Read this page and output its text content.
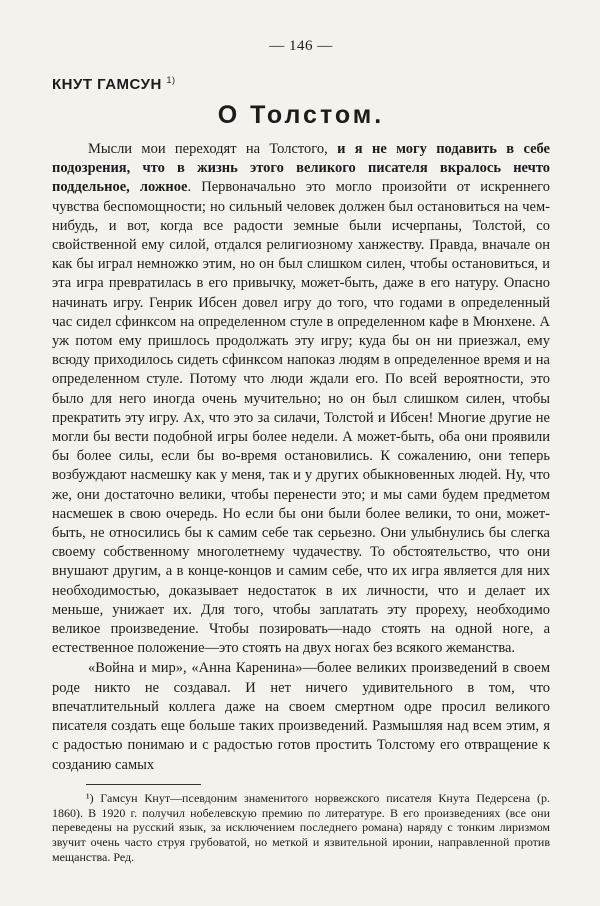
— 146 —
КНУТ ГАМСУН $^{1)}$
О Толстом.

Мысли мои переходят на Толстого, и я не могу подавить в себе подозрения, что в жизнь этого великого писателя вкралось нечто поддельное, ложное. Первоначально это могло произойти от искреннего чувства беспомощности; но сильный человек должен был остановиться на чем-нибудь, и вот, когда все радости земные были исчерпаны, Толстой, со свойственной ему силой, отдался религиозному ханжеству. Правда, вначале он как бы играл немножко этим, но он был слишком силен, чтобы остановиться, и эта игра превратилась в его привычку, может-быть, даже в его натуру. Опасно начинать игру. Генрик Ибсен довел игру до того, что годами в определенный час сидел сфинксом на определенном стуле в определенном кафе в Мюнхене. А уж потом ему пришлось продолжать эту игру; куда бы он ни приезжал, ему всюду приходилось сидеть сфинксом напоказ людям в определенное время и на определенном стуле. Потому что люди ждали его. По всей вероятности, это было для него иногда очень мучительно; но он был слишком силен, чтобы прекратить эту игру. Ах, что это за силачи, Толстой и Ибсен! Многие другие не могли бы вести подобной игры более недели. А может-быть, оба они проявили бы более силы, если бы во-время остановились. К сожалению, они теперь возбуждают насмешку как у меня, так и у других обыкновенных людей. Ну, что же, они достаточно велики, чтобы перенести это; и мы сами будем предметом насмешек в свою очередь. Но если бы они были более велики, то они, может-быть, не относились бы к самим себе так серьезно. Они улыбнулись бы слегка своему собственному многолетнему чудачеству. То обстоятельство, что они внушают другим, а в конце-концов и самим себе, что их игра является для них необходимостью, доказывает недостаток в их личности, что и делает их меньше, унижает их. Для того, чтобы заплатать эту прореху, необходимо великое произведение. Чтобы позировать—надо стоять на одной ноге, а естественное положение—это стоять на двух ногах без всякого жеманства.

«Война и мир», «Анна Каренина»—более великих произведений в своем роде никто не создавал. И нет ничего удивительного в том, что впечатлительный коллега даже на своем смертном одре просил великого писателя создать еще больше таких произведений. Размышляя над всем этим, я с радостью понимаю и с радостью готов простить Толстому его отвращение к созданию самых

¹) Гамсун Кнут—псевдоним знаменитого норвежского писателя Кнута Педерсена (р. 1860). В 1920 г. получил нобелевскую премию по литературе. В его произведениях (все они переведены на русский язык, за исключением последнего романа) наряду с тонким лиризмом звучит очень часто струя грубоватой, но меткой и язвительной иронии, направленной против мещанства. Ред.
